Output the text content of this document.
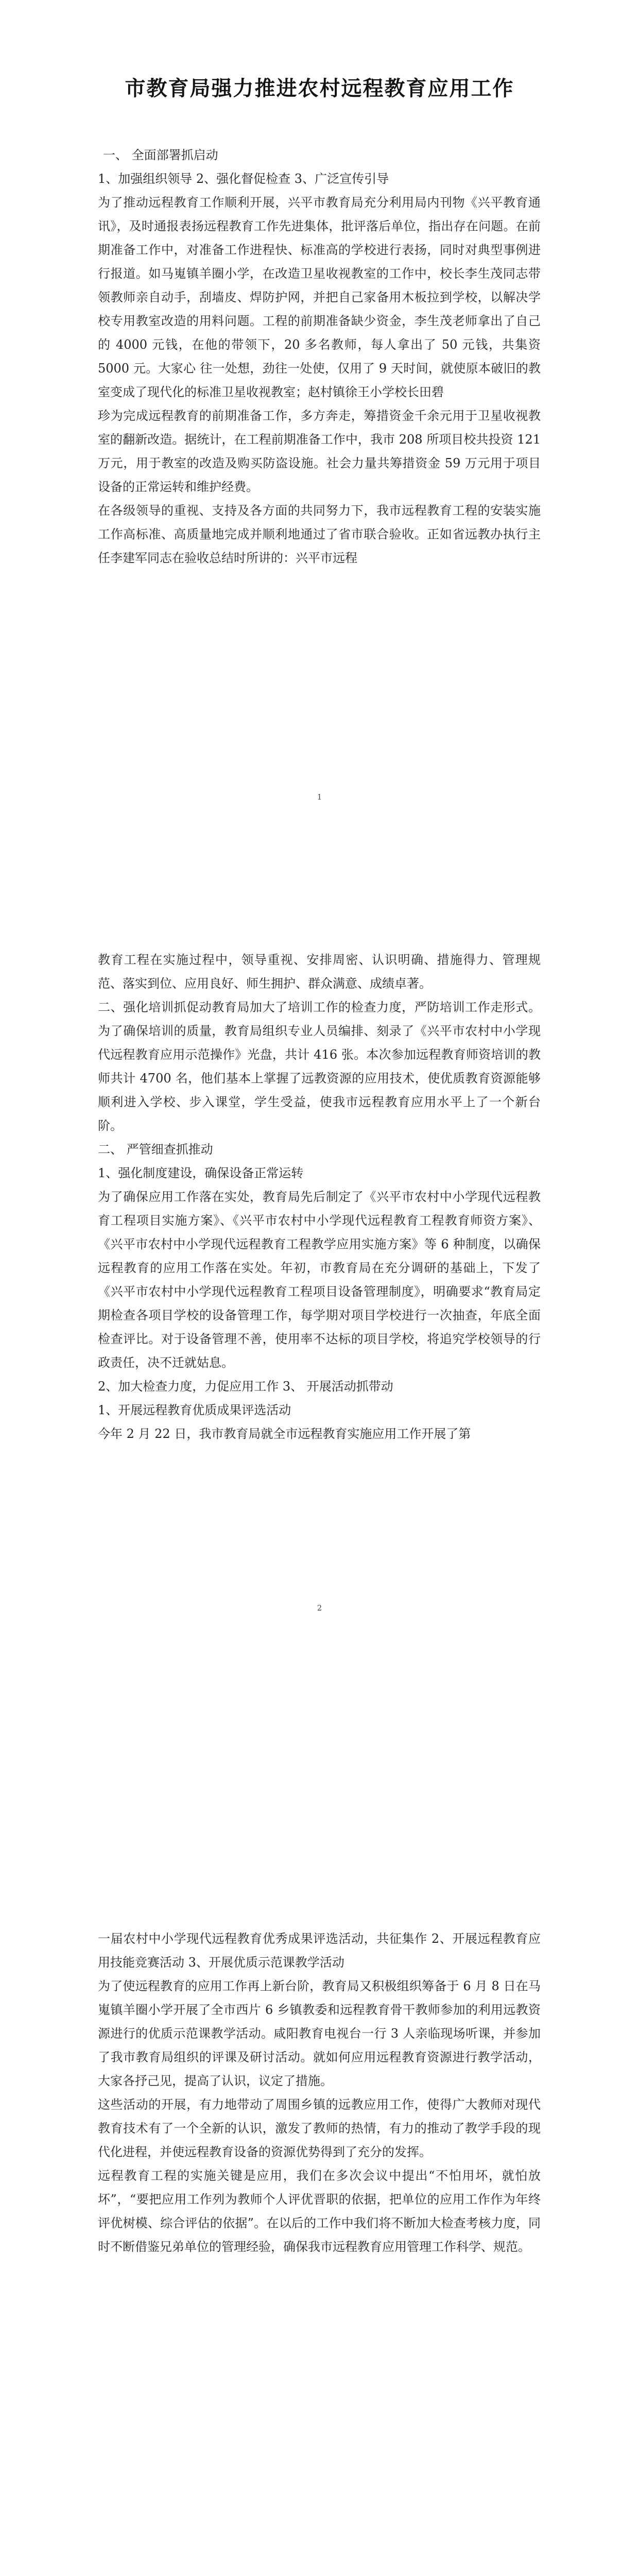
市教育局强力推进农村远程教育应用工作

一、 全面部署抓启动

1、加强组织领导 2、强化督促检查 3、广泛宣传引导

为了推动远程教育工作顺利开展，兴平市教育局充分利用局内刊物《兴平教育通讯》，及时通报表扬远程教育工作先进集体，批评落后单位，指出存在问题。在前期准备工作中，对准备工作进程快、标准高的学校进行表扬，同时对典型事例进行报道。如马嵬镇羊圈小学，在改造卫星收视教室的工作中，校长李生茂同志带领教师亲自动手，刮墙皮、焊防护网，并把自己家备用木板拉到学校，以解决学校专用教室改造的用料问题。工程的前期准备缺少资金，李生茂老师拿出了自己的 4000 元钱，在他的带领下，20 多名教师，每人拿出了 50 元钱，共集资 5000 元。大家心 往一处想，劲往一处使，仅用了 9 天时间，就使原本破旧的教室变成了现代化的标准卫星收视教室；赵村镇徐王小学校长田碧

珍为完成远程教育的前期准备工作，多方奔走，筹措资金千余元用于卫星收视教室的翻新改造。据统计，在工程前期准备工作中，我市 208 所项目校共投资 121 万元，用于教室的改造及购买防盗设施。社会力量共筹措资金 59 万元用于项目设备的正常运转和维护经费。

在各级领导的重视、支持及各方面的共同努力下，我市远程教育工程的安装实施工作高标准、高质量地完成并顺利地通过了省市联合验收。正如省远教办执行主任李建军同志在验收总结时所讲的：兴平市远程

1

教育工程在实施过程中，领导重视、安排周密、认识明确、措施得力、管理规范、落实到位、应用良好、师生拥护、群众满意、成绩卓著。

二、强化培训抓促动教育局加大了培训工作的检查力度，严防培训工作走形式。为了确保培训的质量，教育局组织专业人员编排、刻录了《兴平市农村中小学现代远程教育应用示范操作》光盘，共计 416 张。本次参加远程教育师资培训的教师共计 4700 名，他们基本上掌握了远教资源的应用技术，使优质教育资源能够顺利进入学校、步入课堂，学生受益，使我市远程教育应用水平上了一个新台阶。

二、 严管细查抓推动

1、强化制度建设，确保设备正常运转

为了确保应用工作落在实处，教育局先后制定了《兴平市农村中小学现代远程教育工程项目实施方案》、《兴平市农村中小学现代远程教育工程教育师资方案》、《兴平市农村中小学现代远程教育工程教学应用实施方案》等 6 种制度，以确保远程教育的应用工作落在实处。年初，市教育局在充分调研的基础上，下发了《兴平市农村中小学现代远程教育工程项目设备管理制度》，明确要求“教育局定期检查各项目学校的设备管理工作，每学期对项目学校进行一次抽查，年底全面检查评比。对于设备管理不善，使用率不达标的项目学校，将追究学校领导的行政责任，决不迁就姑息。

2、加大检查力度，力促应用工作 3、 开展活动抓带动

1、开展远程教育优质成果评选活动

今年 2 月 22 日，我市教育局就全市远程教育实施应用工作开展了第

2

一届农村中小学现代远程教育优秀成果评选活动，共征集作 2、开展远程教育应用技能竞赛活动 3、开展优质示范课教学活动

为了使远程教育的应用工作再上新台阶，教育局又积极组织筹备于 6 月 8 日在马嵬镇羊圈小学开展了全市西片 6 乡镇教委和远程教育骨干教师参加的利用远教资源进行的优质示范课教学活动。咸阳教育电视台一行 3 人亲临现场听课，并参加了我市教育局组织的评课及研讨活动。就如何应用远程教育资源进行教学活动，大家各抒己见，提高了认识，议定了措施。

这些活动的开展，有力地带动了周围乡镇的远教应用工作，使得广大教师对现代教育技术有了一个全新的认识，激发了教师的热情，有力的推动了教学手段的现代化进程，并使远程教育设备的资源优势得到了充分的发挥。

远程教育工程的实施关键是应用，我们在多次会议中提出“不怕用坏，就怕放坏”，“要把应用工作列为教师个人评优晋职的依据，把单位的应用工作作为年终评优树模、综合评估的依据”。在以后的工作中我们将不断加大检查考核力度，同时不断借鉴兄弟单位的管理经验，确保我市远程教育应用管理工作科学、规范。
